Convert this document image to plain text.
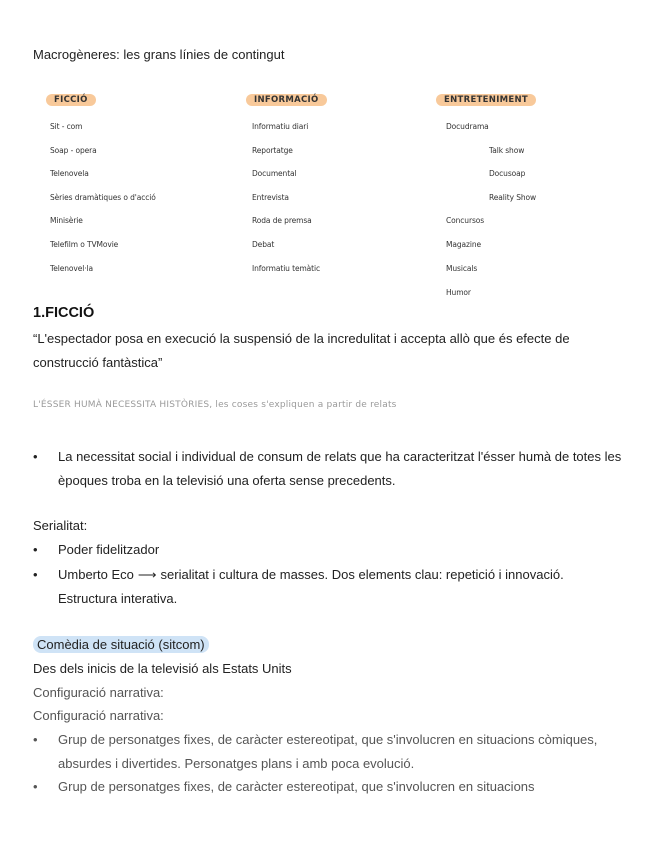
Macrogèneres: les grans línies de contingut
FICCIÓ
Sit - com
Soap - opera
Telenovela
Sèries dramàtiques o d'acció
Minisèrie
Telefilm o TVMovie
Telenovel·la
INFORMACIÓ
Informatiu diari
Reportatge
Documental
Entrevista
Roda de premsa
Debat
Informatiu temàtic
ENTRETENIMENT
Docudrama
Talk show
Docusoap
Reality Show
Concursos
Magazine
Musicals
Humor
1.FICCIÓ
“L'espectador posa en execució la suspensió de la incredulitat i accepta allò que és efecte de construcció fantàstica”
L'ÉSSER HUMÀ NECESSITA HISTÒRIES, les coses s'expliquen a partir de relats
•	La necessitat social i individual de consum de relats que ha caracteritzat l'ésser humà de totes les èpoques troba en la televisió una oferta sense precedents.
Serialitat:
•	Poder fidelitzador
•	Umberto Eco ⟶ serialitat i cultura de masses. Dos elements clau: repetició i innovació. Estructura interativa.
Comèdia de situació (sitcom)
Des dels inicis de la televisió als Estats Units
Configuració narrativa:
Configuració narrativa:
•	Grup de personatges fixes, de caràcter estereotipat, que s'involucren en situacions còmiques, absurdes i divertides. Personatges plans i amb poca evolució.
•	Grup de personatges fixes, de caràcter estereotipat, que s'involucren en situacions
